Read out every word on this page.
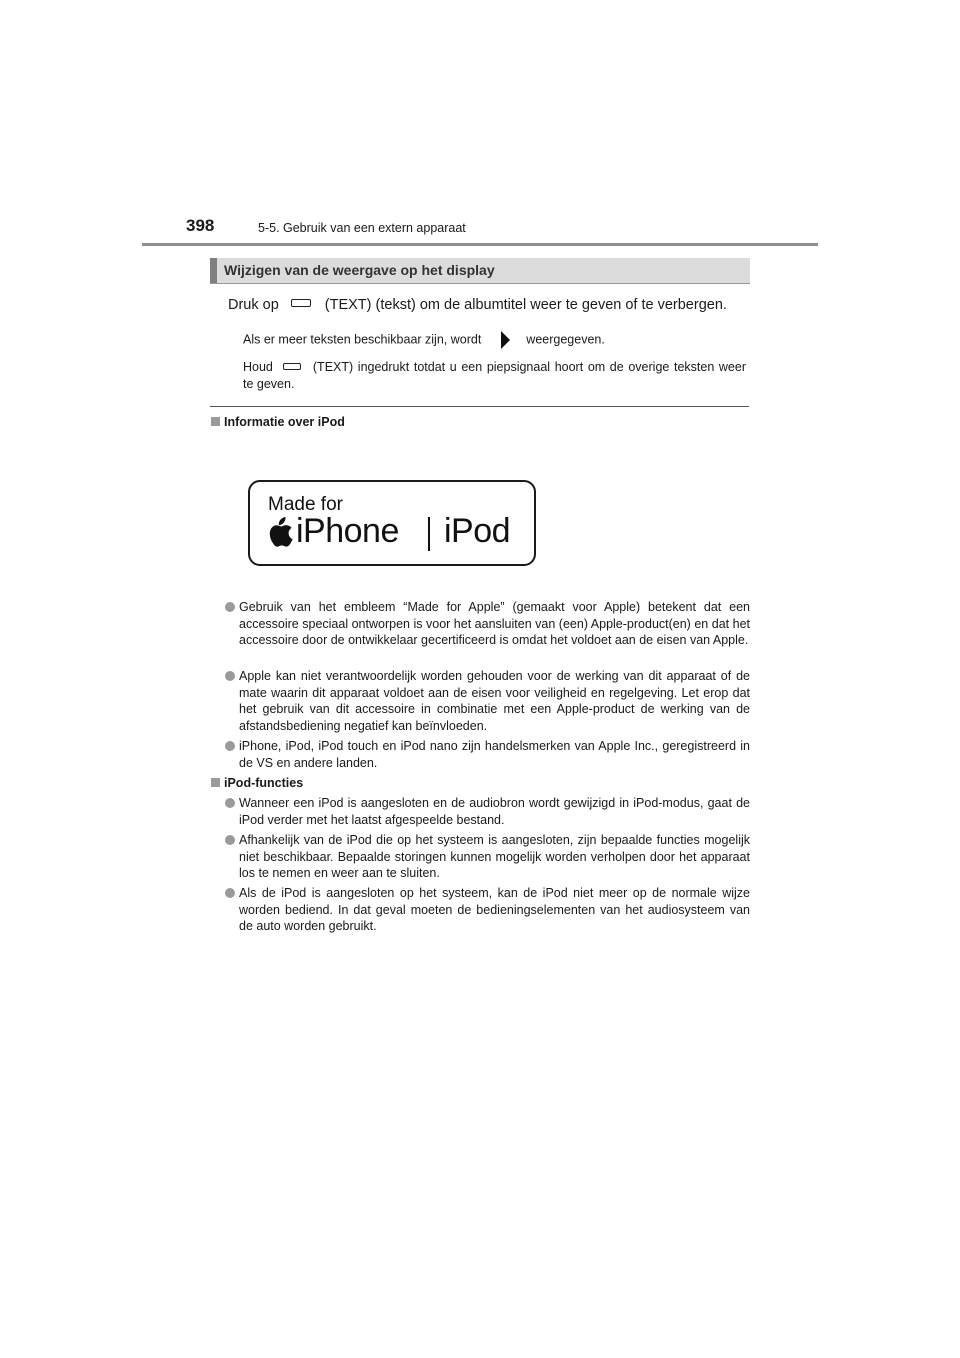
398	5-5. Gebruik van een extern apparaat
Wijzigen van de weergave op het display
Druk op	(TEXT) (tekst) om de albumtitel weer te geven of te verbergen.
Als er meer teksten beschikbaar zijn, wordt	weergegeven.
Houd	(TEXT) ingedrukt totdat u een piepsignaal hoort om de overige teksten weer te geven.
Informatie over iPod
Made for
iPhone iPod
Gebruik van het embleem “Made for Apple” (gemaakt voor Apple) betekent dat een accessoire speciaal ontworpen is voor het aansluiten van (een) Apple-product(en) en dat het accessoire door de ontwikkelaar gecertificeerd is omdat het voldoet aan de eisen van Apple.
Apple kan niet verantwoordelijk worden gehouden voor de werking van dit apparaat of de mate waarin dit apparaat voldoet aan de eisen voor veiligheid en regelgeving. Let erop dat het gebruik van dit accessoire in combinatie met een Apple-product de werking van de afstandsbediening negatief kan beïnvloeden.
iPhone, iPod, iPod touch en iPod nano zijn handelsmerken van Apple Inc., geregistreerd in de VS en andere landen.
iPod-functies
Wanneer een iPod is aangesloten en de audiobron wordt gewijzigd in iPod-modus, gaat de iPod verder met het laatst afgespeelde bestand.
Afhankelijk van de iPod die op het systeem is aangesloten, zijn bepaalde functies mogelijk niet beschikbaar. Bepaalde storingen kunnen mogelijk worden verholpen door het apparaat los te nemen en weer aan te sluiten.
Als de iPod is aangesloten op het systeem, kan de iPod niet meer op de normale wijze worden bediend. In dat geval moeten de bedieningselementen van het audiosysteem van de auto worden gebruikt.
